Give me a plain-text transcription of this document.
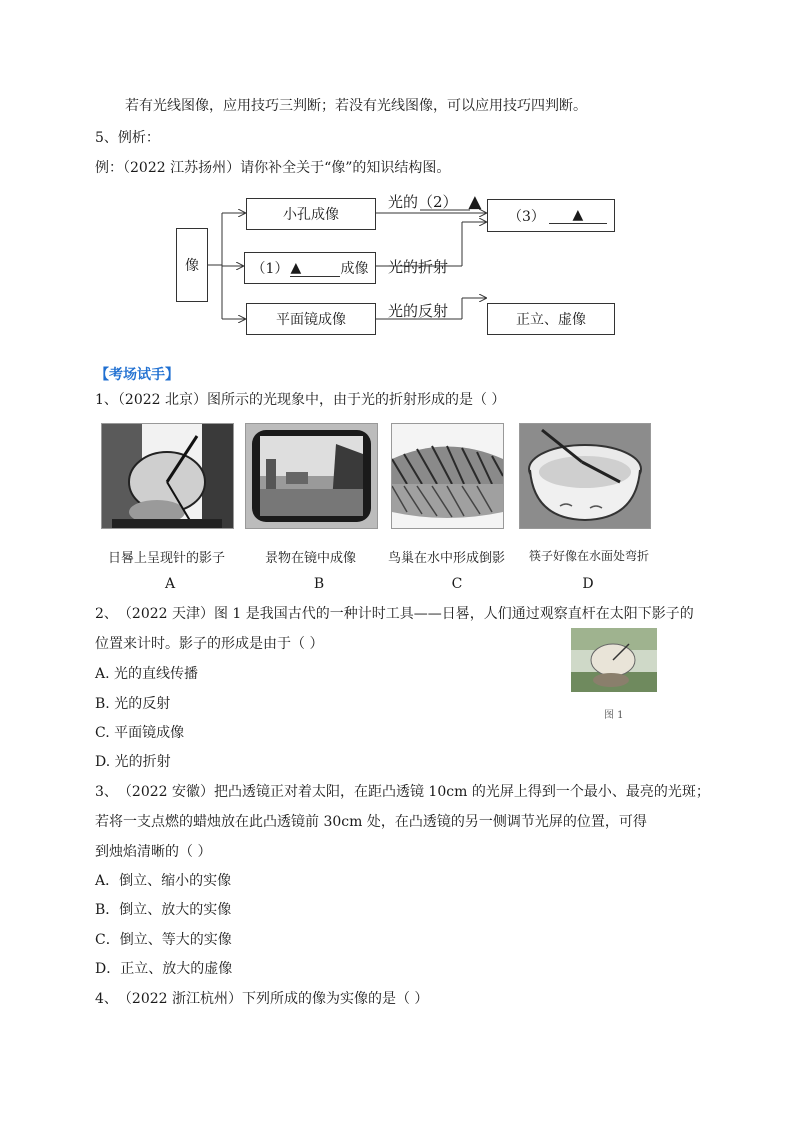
若有光线图像，应用技巧三判断；若没有光线图像，可以应用技巧四判断。
5、例析：
例：（2022 江苏扬州）请你补全关于“像”的知识结构图。
像
小孔成像
（1） ▲	成像
平面镜成像
（3）	▲
正立、虚像
光的（2） ▲
光的折射
光的反射
【考场试手】
1、（2022 北京）图所示的光现象中，由于光的折射形成的是（ ）
日晷上呈现针的影子	景物在镜中成像	鸟巢在水中形成倒影	筷子好像在水面处弯折
A	B	C	D
2、　（2022 天津）图 1 是我国古代的一种计时工具——日晷，人们通过观察直杆在太阳下影子的
位置来计时。影子的形成是由于（ ）
A. 光的直线传播
B. 光的反射
C. 平面镜成像
D. 光的折射
图 1
3、　（2022 安徽）把凸透镜正对着太阳，在距凸透镜 10cm 的光屏上得到一个最小、最亮的光斑；
若将一支点燃的蜡烛放在此凸透镜前 30cm 处，在凸透镜的另一侧调节光屏的位置，可得
到烛焰清晰的（ ）
A．倒立、缩小的实像
B．倒立、放大的实像
C．倒立、等大的实像
D．正立、放大的虚像
4、　（2022 浙江杭州）下列所成的像为实像的是（ ）
